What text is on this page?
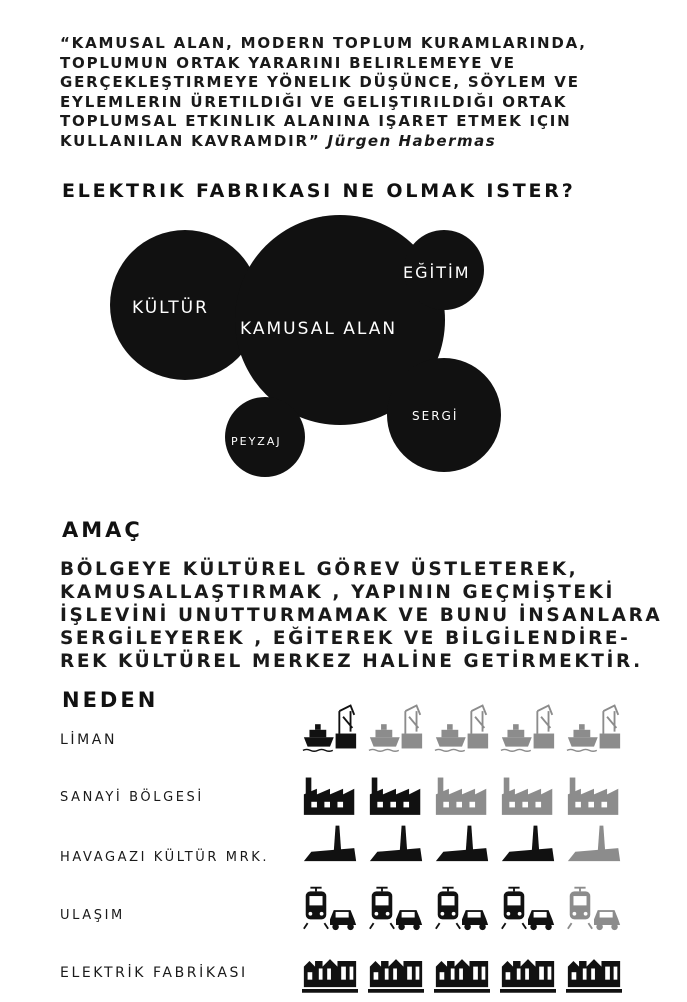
“KAMUSAL ALAN, MODERN TOPLUM KURAMLARINDA, TOPLUMUN ORTAK YARARINI BELIRLEMEYE VE GERÇEKLEŞTIRMEYE YÖNELIK DÜŞÜNCE, SÖYLEM VE EYLEMLERIN ÜRETILDIĞI VE GELIŞTIRILDIĞI ORTAK TOPLUMSAL ETKINLIK ALANINA IŞARET ETMEK IÇIN KULLANILAN KAVRAMDIR” Jürgen Habermas
ELEKTRIK FABRIKASI NE OLMAK ISTER?
KÜLTÜR
KAMUSAL ALAN
EĞİTİM
SERGİ
PEYZAJ
AMAÇ
BÖLGEYE KÜLTÜREL GÖREV ÜSTLETEREK, KAMUSALLAŞTIRMAK , YAPININ GEÇMİŞTEKİ İŞLEVİNİ UNUTTURMAMAK VE BUNU İNSANLARA SERGİLEYEREK , EĞİTEREK VE BİLGİLENDİRE- REK KÜLTÜREL MERKEZ HALİNE GETİRMEKTİR.
NEDEN
LİMAN
SANAYİ BÖLGESİ
HAVAGAZI KÜLTÜR MRK.
ULAŞIM
ELEKTRİK FABRİKASI
